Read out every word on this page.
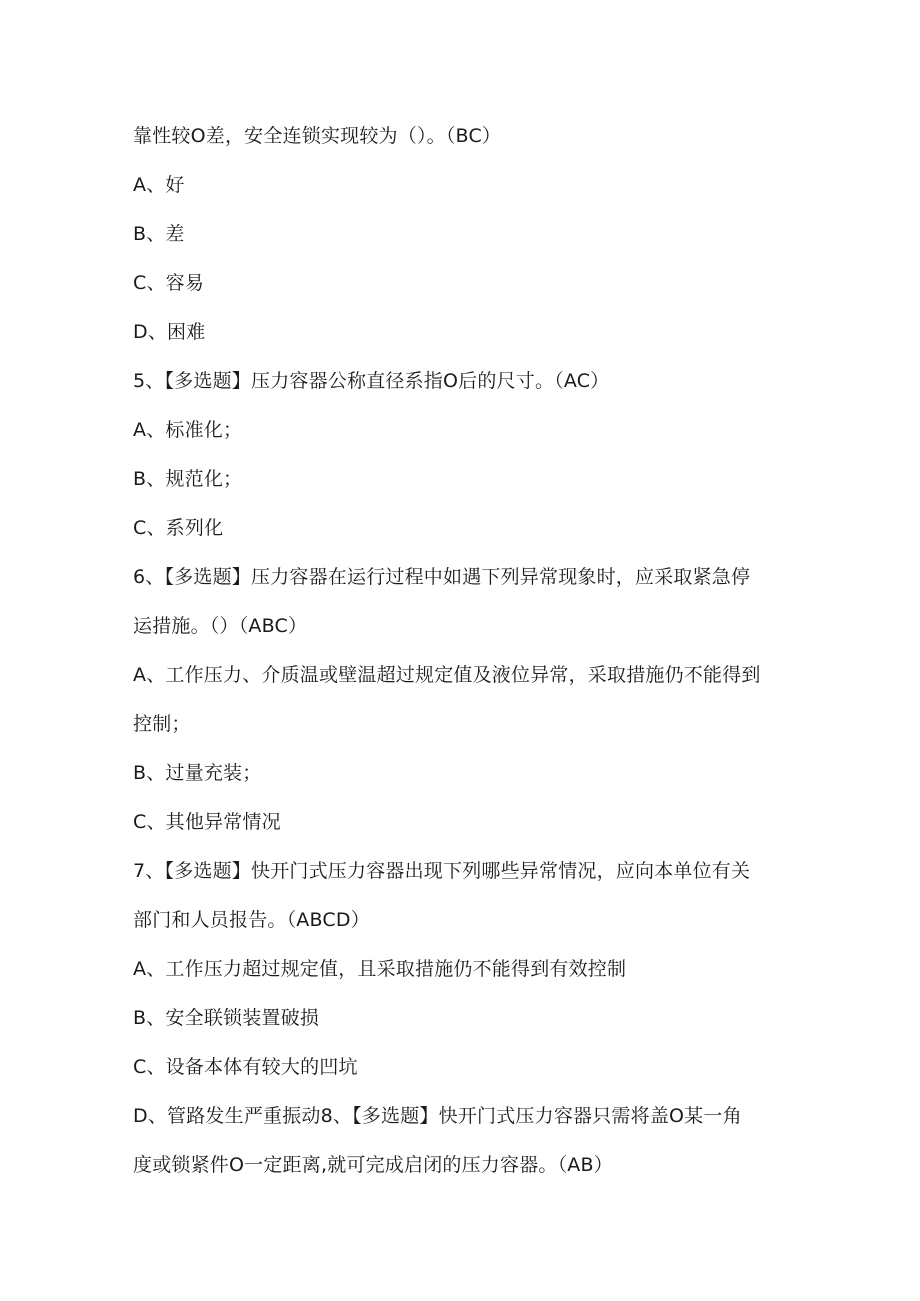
靠性较O差，安全连锁实现较为（）。（BC）
A、好
B、差
C、容易
D、困难
5、【多选题】压力容器公称直径系指O后的尺寸。（AC）
A、标准化；
B、规范化；
C、系列化
6、【多选题】压力容器在运行过程中如遇下列异常现象时，应采取紧急停
运措施。（）（ABC）
A、工作压力、介质温或壁温超过规定值及液位异常，采取措施仍不能得到
控制；
B、过量充装；
C、其他异常情况
7、【多选题】快开门式压力容器出现下列哪些异常情况，应向本单位有关
部门和人员报告。（ABCD）
A、工作压力超过规定值，且采取措施仍不能得到有效控制
B、安全联锁装置破损
C、设备本体有较大的凹坑
D、管路发生严重振动8、【多选题】快开门式压力容器只需将盖O某一角
度或锁紧件O一定距离,就可完成启闭的压力容器。（AB）
